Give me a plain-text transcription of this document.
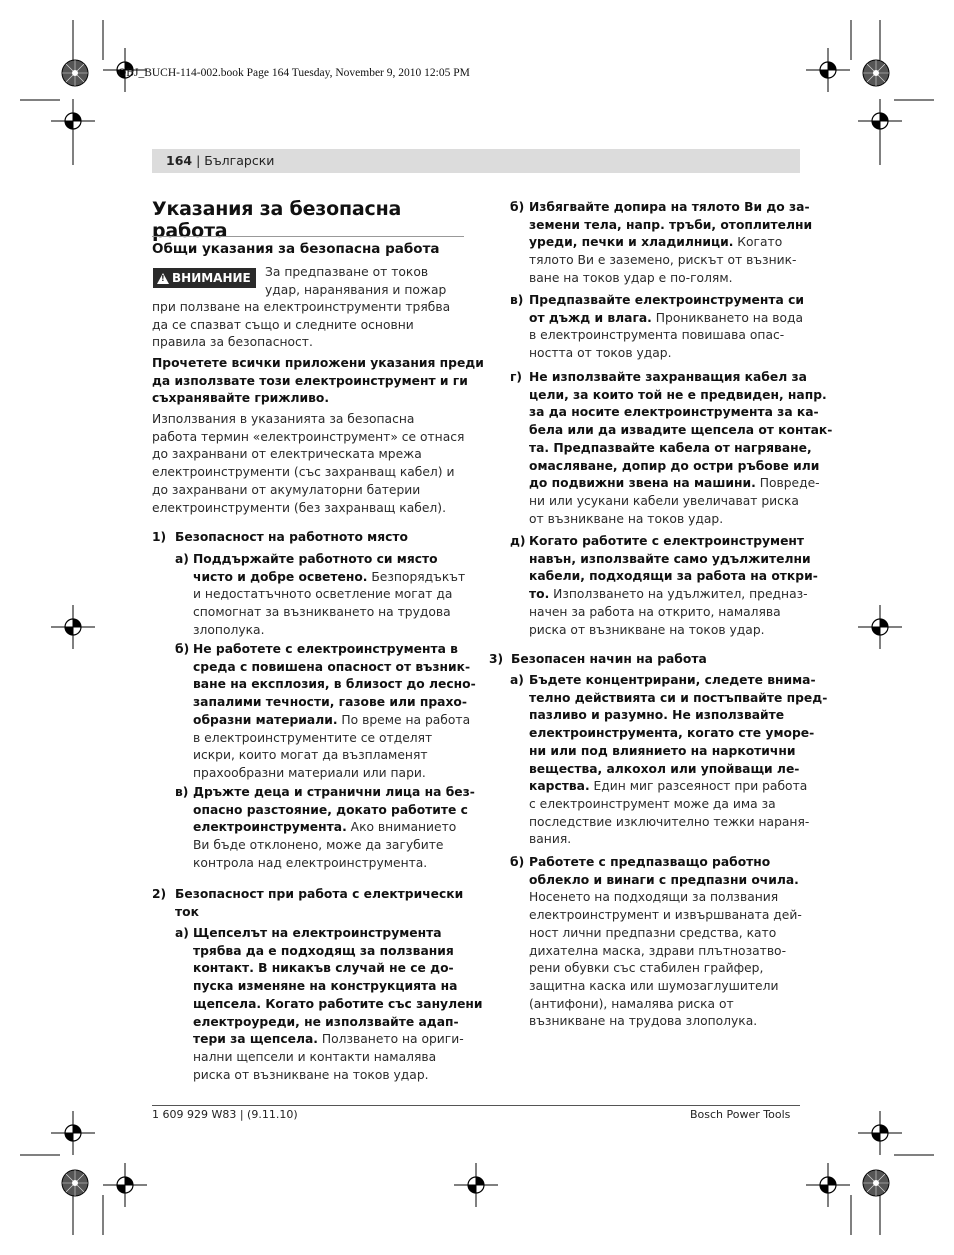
OBJ_BUCH-114-002.book Page 164 Tuesday, November 9, 2010 12:05 PM
164 | Български
Указания за безопасна работа
Общи указания за безопасна работа
!
ВНИМАНИЕ За предпазване от токов
удар, наранявания и пожар
при ползване на електроинструменти трябва
да се спазват също и следните основни
правила за безопасност.
Прочетете всички приложени указания преди
да използвате този електроинструмент и ги
съхранявайте грижливо.
Използвания в указанията за безопасна
работа термин «електроинструмент» се отнася
до захранвани от електрическата мрежа
електроинструменти (със захранващ кабел) и
до захранвани от акумулаторни батерии
електроинструменти (без захранващ кабел).
1) Безопасност на работното място
а) Поддържайте работното си място
чисто и добре осветено. Безпорядъкът
и недостатъчното осветление могат да
спомогнат за възникването на трудова
злополука.
б) Не работете с електроинструмента в
среда с повишена опасност от възник-
ване на експлозия, в близост до лесно-
запалими течности, газове или прахо-
образни материали. По време на работа
в електроинструментите се отделят
искри, които могат да възпламенят
прахообразни материали или пари.
в) Дръжте деца и странични лица на без-
опасно разстояние, докато работите с
електроинструмента. Ако вниманието
Ви бъде отклонено, може да загубите
контрола над електроинструмента.
2) Безопасност при работа с електрически
ток
а) Щепселът на електроинструмента
трябва да е подходящ за ползвания
контакт. В никакъв случай не се до-
пуска изменяне на конструкцията на
щепсела. Когато работите със занулени
електроуреди, не използвайте адап-
тери за щепсела. Ползването на ориги-
нални щепсели и контакти намалява
риска от възникване на токов удар.
б) Избягвайте допира на тялото Ви до за-
земени тела, напр. тръби, отоплителни
уреди, печки и хладилници. Когато
тялото Ви е заземено, рискът от възник-
ване на токов удар е по-голям.
в) Предпазвайте електроинструмента си
от дъжд и влага. Проникването на вода
в електроинструмента повишава опас-
ността от токов удар.
г) Не използвайте захранващия кабел за
цели, за които той не е предвиден, напр.
за да носите електроинструмента за ка-
бела или да извадите щепсела от контак-
та. Предпазвайте кабела от нагряване,
омасляване, допир до остри ръбове или
до подвижни звена на машини. Повреде-
ни или усукани кабели увеличават риска
от възникване на токов удар.
д) Когато работите с електроинструмент
навън, използвайте само удължителни
кабели, подходящи за работа на откри-
то. Използването на удължител, предназ-
начен за работа на открито, намалява
риска от възникване на токов удар.
3) Безопасен начин на работа
а) Бъдете концентрирани, следете внима-
телно действията си и постъпвайте пред-
пазливо и разумно. Не използвайте
електроинструмента, когато сте уморе-
ни или под влиянието на наркотични
вещества, алкохол или упойващи ле-
карства. Един миг разсеяност при работа
с електроинструмент може да има за
последствие изключително тежки нараня-
вания.
б) Работете с предпазващо работно
облекло и винаги с предпазни очила.
Носенето на подходящи за ползвания
електроинструмент и извършваната дей-
ност лични предпазни средства, като
дихателна маска, здрави плътнозатво-
рени обувки със стабилен грайфер,
защитна каска или шумозаглушители
(антифони), намалява риска от
възникване на трудова злополука.
1 609 929 W83 | (9.11.10)	Bosch Power Tools
